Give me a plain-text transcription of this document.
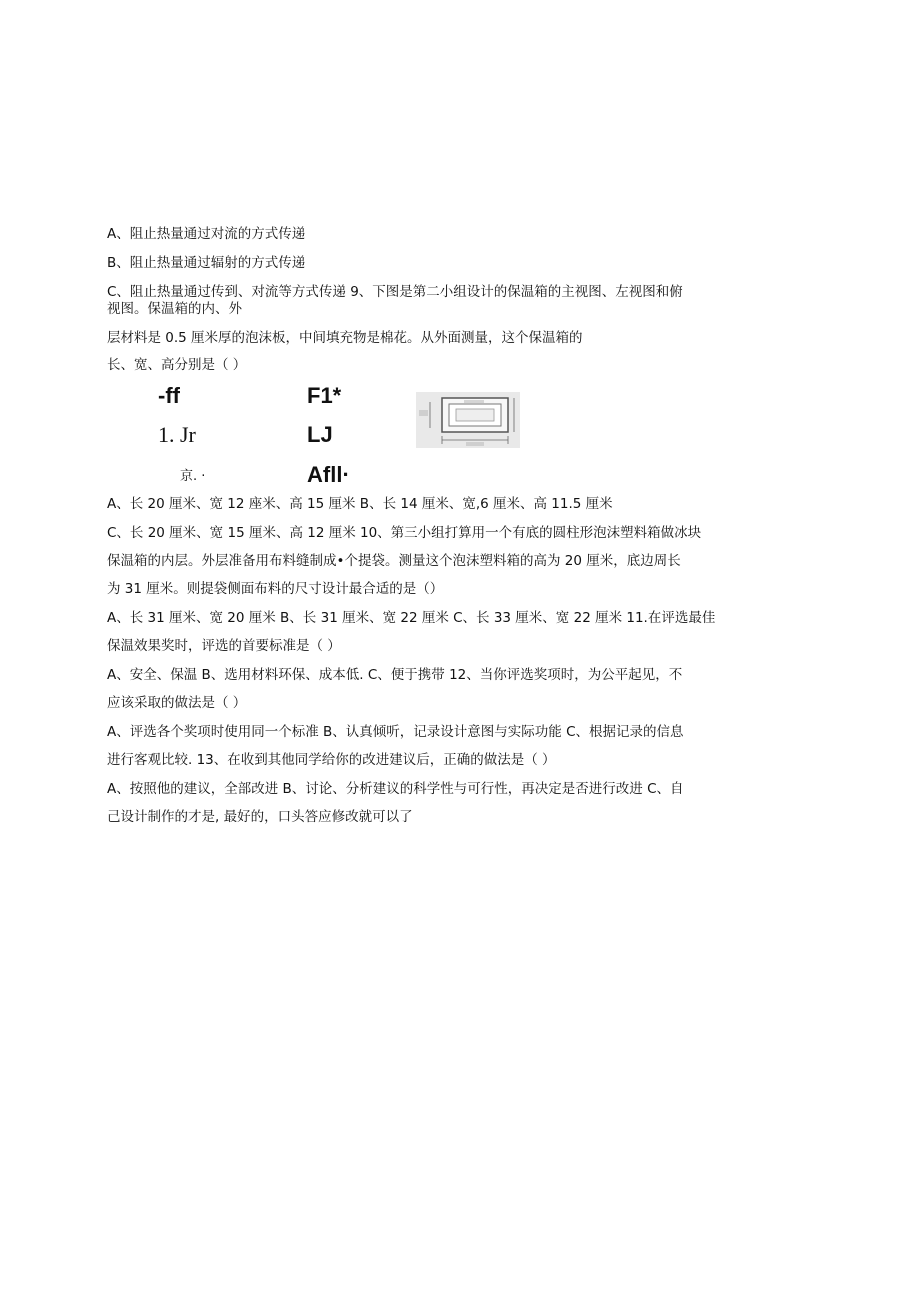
A、阻止热量通过对流的方式传递
B、阻止热量通过辐射的方式传递
C、阻止热量通过传到、对流等方式传递 9、下图是第二小组设计的保温箱的主视图、左视图和俯
视图。保温箱的内、外
层材料是 0.5 厘米厚的泡沫板，中间填充物是棉花。从外面测量，这个保温箱的
长、宽、高分别是（ ）
-ff	F1*
1. Jr	LJ
京. ·	Afll·
A、长 20 厘米、宽 12 座米、高 15 厘米 B、长 14 厘米、宽,6 厘米、高 11.5 厘米
C、长 20 厘米、宽 15 厘米、高 12 厘米 10、第三小组打算用一个有底的圆柱形泡沫塑料箱做冰块
保温箱的内层。外层准备用布料缝制成•个提袋。测量这个泡沫塑料箱的高为 20 厘米，底边周长
为 31 厘米。则提袋侧面布料的尺寸设计最合适的是（）
A、长 31 厘米、宽 20 厘米 B、长 31 厘米、宽 22 厘米 C、长 33 厘米、宽 22 厘米 11.在评选最佳
保温效果奖时，评选的首要标准是（ ）
A、安全、保温 B、选用材料环保、成本低. C、便于携带 12、当你评选奖项时，为公平起见，不
应该采取的做法是（ ）
A、评选各个奖项时使用同一个标准 B、认真倾听，记录设计意图与实际功能 C、根据记录的信息
进行客观比较. 13、在收到其他同学给你的改进建议后，正确的做法是（ ）
A、按照他的建议，全部改进 B、讨论、分析建议的科学性与可行性，再决定是否进行改进 C、自
己设计制作的才是, 最好的，口头答应修改就可以了
